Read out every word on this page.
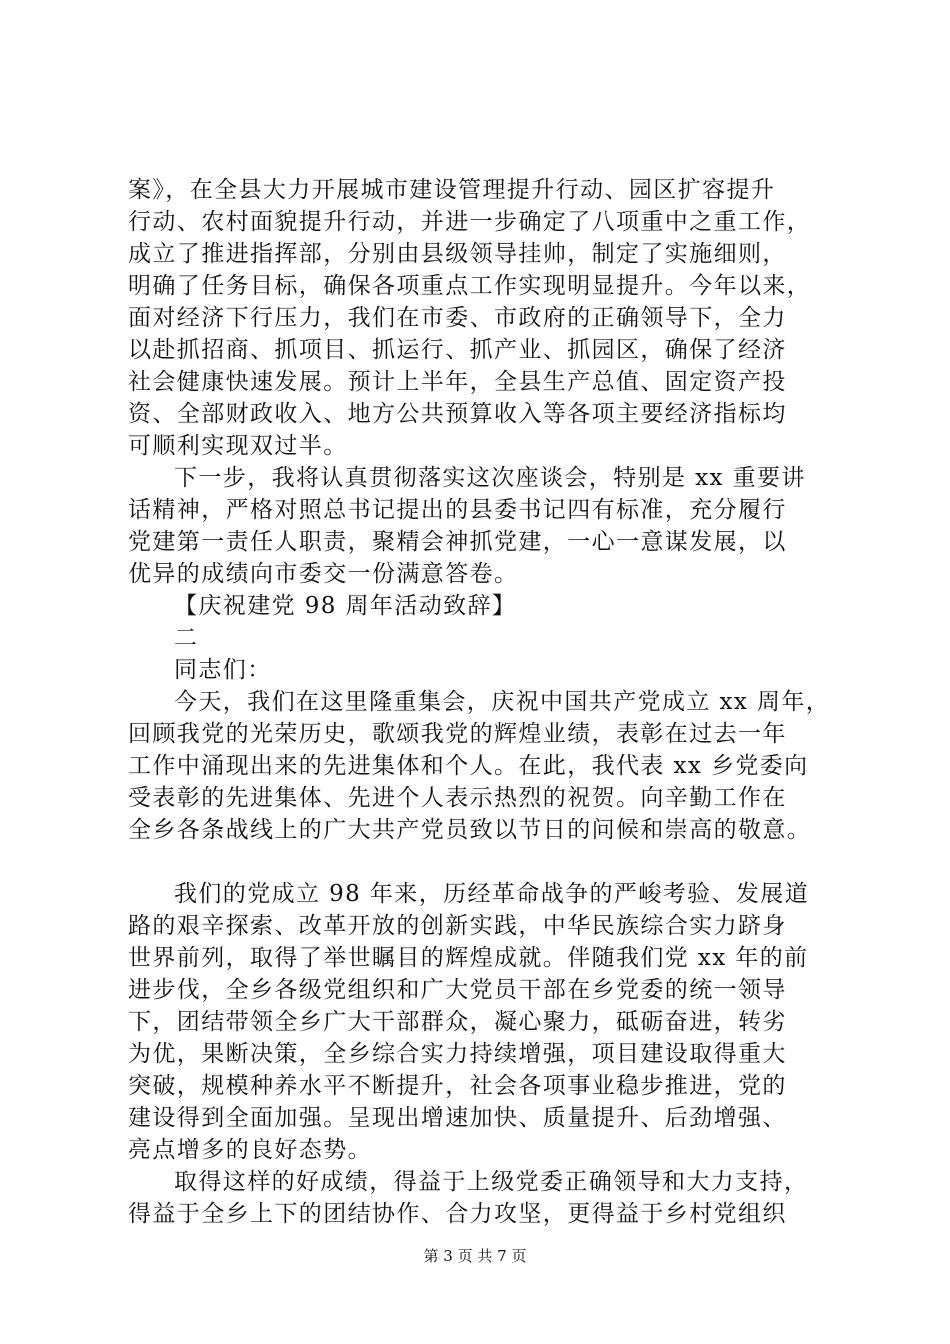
案》，在全县大力开展城市建设管理提升行动、园区扩容提升
行动、农村面貌提升行动，并进一步确定了八项重中之重工作，
成立了推进指挥部，分别由县级领导挂帅，制定了实施细则，
明确了任务目标，确保各项重点工作实现明显提升。今年以来，
面对经济下行压力，我们在市委、市政府的正确领导下，全力
以赴抓招商、抓项目、抓运行、抓产业、抓园区，确保了经济
社会健康快速发展。预计上半年，全县生产总值、固定资产投
资、全部财政收入、地方公共预算收入等各项主要经济指标均
可顺利实现双过半。
下一步，我将认真贯彻落实这次座谈会，特别是 xx 重要讲
话精神，严格对照总书记提出的县委书记四有标准，充分履行
党建第一责任人职责，聚精会神抓党建，一心一意谋发展，以
优异的成绩向市委交一份满意答卷。
【庆祝建党 98 周年活动致辞】
二
同志们：
今天，我们在这里隆重集会，庆祝中国共产党成立 xx 周年，
回顾我党的光荣历史，歌颂我党的辉煌业绩，表彰在过去一年
工作中涌现出来的先进集体和个人。在此，我代表 xx 乡党委向
受表彰的先进集体、先进个人表示热烈的祝贺。向辛勤工作在
全乡各条战线上的广大共产党员致以节日的问候和崇高的敬意。
我们的党成立 98 年来，历经革命战争的严峻考验、发展道
路的艰辛探索、改革开放的创新实践，中华民族综合实力跻身
世界前列，取得了举世瞩目的辉煌成就。伴随我们党 xx 年的前
进步伐，全乡各级党组织和广大党员干部在乡党委的统一领导
下，团结带领全乡广大干部群众，凝心聚力，砥砺奋进，转劣
为优，果断决策，全乡综合实力持续增强，项目建设取得重大
突破，规模种养水平不断提升，社会各项事业稳步推进，党的
建设得到全面加强。呈现出增速加快、质量提升、后劲增强、
亮点增多的良好态势。
取得这样的好成绩，得益于上级党委正确领导和大力支持，
得益于全乡上下的团结协作、合力攻坚，更得益于乡村党组织
第 3 页 共 7 页
